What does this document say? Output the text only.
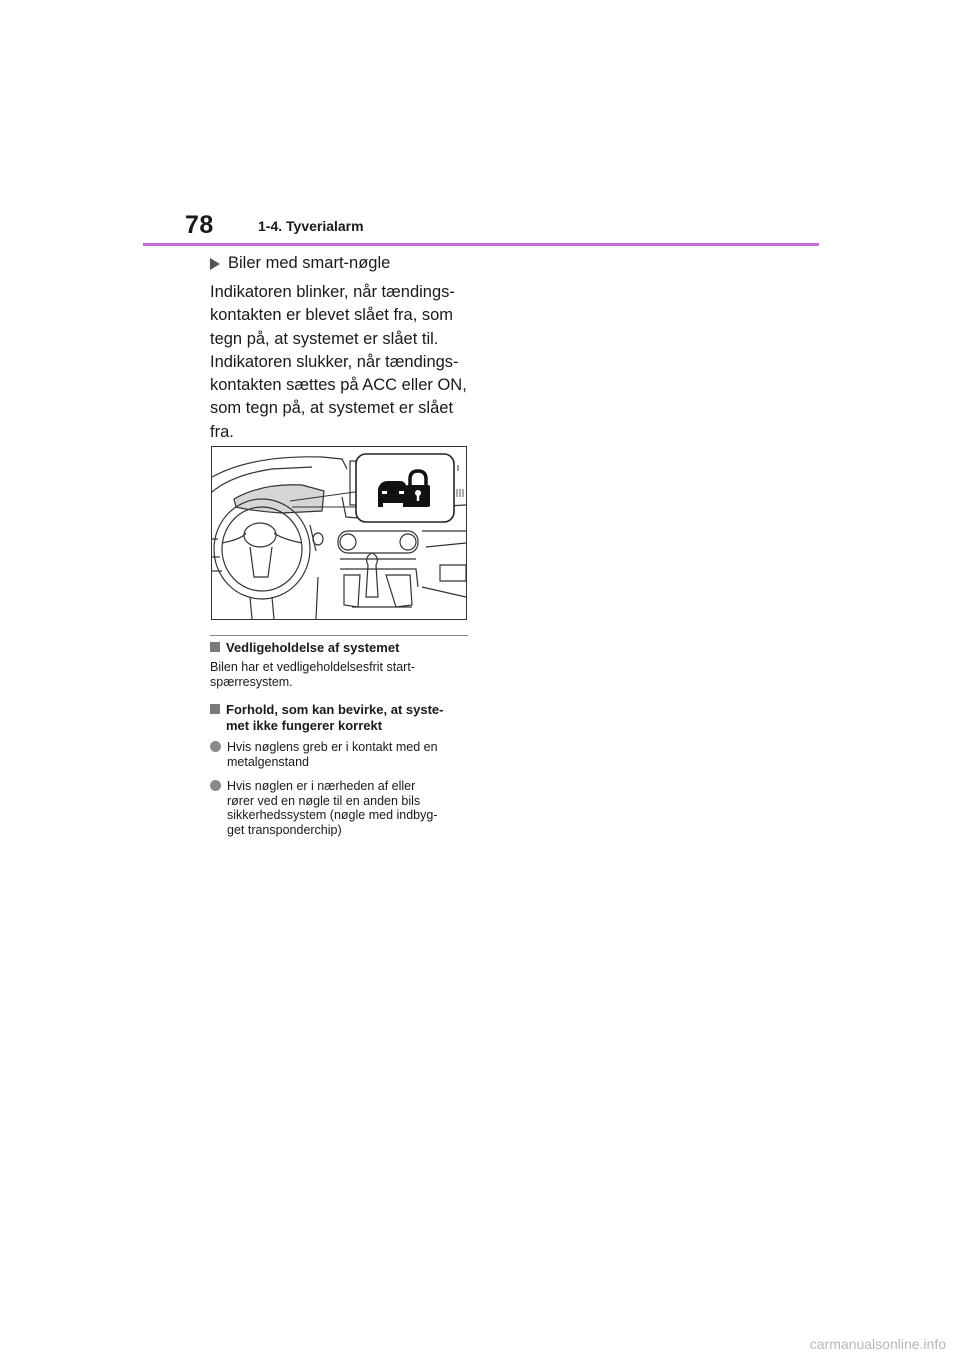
78	1-4. Tyverialarm
Biler med smart-nøgle

Indikatoren blinker, når tændings-

kontakten er blevet slået fra, som

tegn på, at systemet er slået til.

Indikatoren slukker, når tændings-

kontakten sættes på ACC eller ON,

som tegn på, at systemet er slået

fra.

Vedligeholdelse af systemet
Bilen har et vedligeholdelsesfrit start-
spærresystem.
Forhold, som kan bevirke, at syste-
met ikke fungerer korrekt
Hvis nøglens greb er i kontakt med en
metalgenstand
Hvis nøglen er i nærheden af eller
rører ved en nøgle til en anden bils
sikkerhedssystem (nøgle med indbyg-
get transponderchip)
carmanualsonline.info
